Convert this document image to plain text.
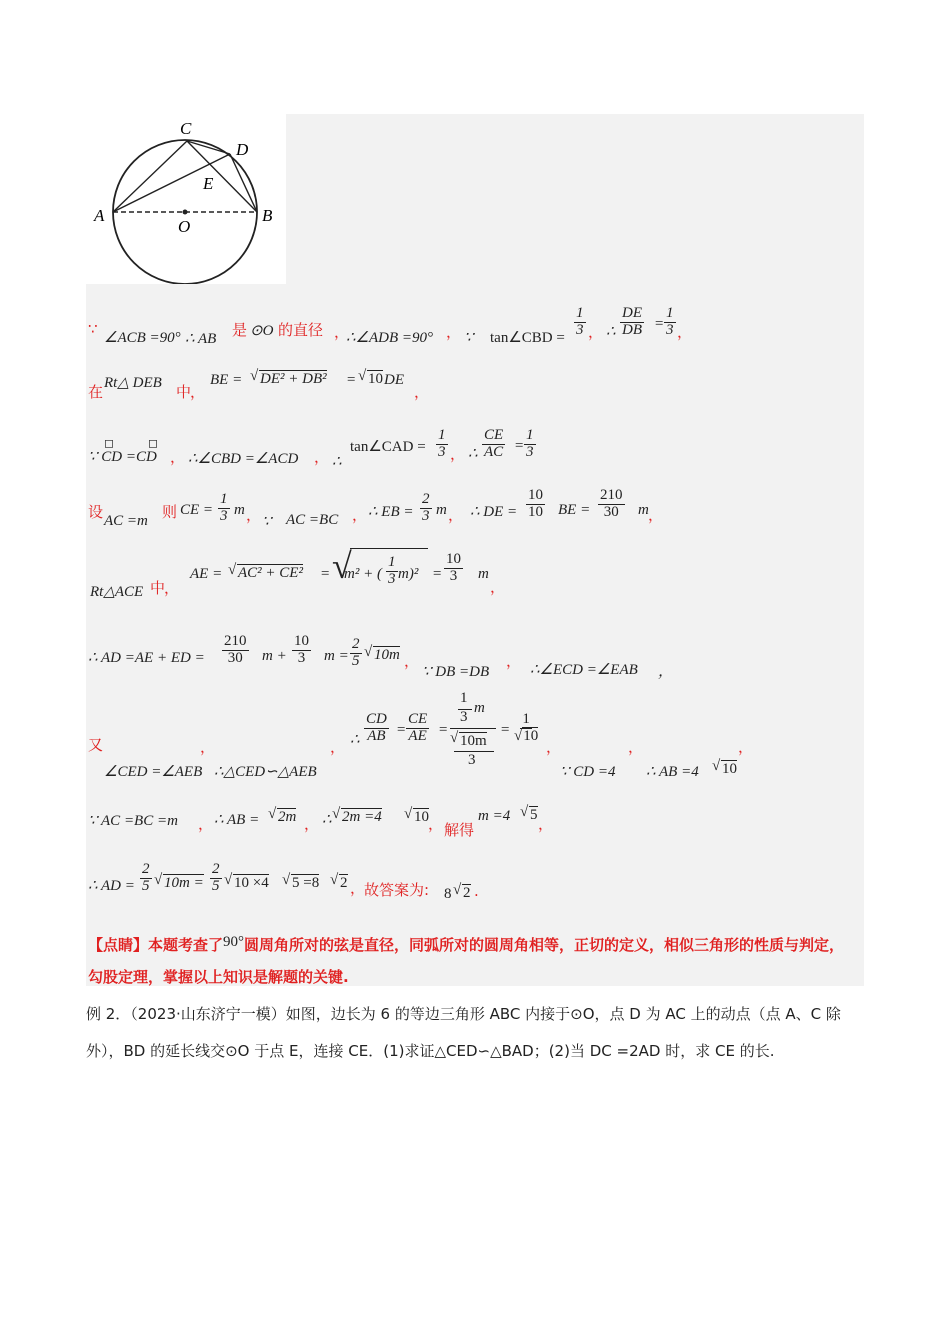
C
D
E
A
O
B
∵ ∠ACB =90° ∴ AB 是 ⊙O 的直径 ，
∴∠ADB =90° ， ∵ tan∠CBD = $\frac{1}{3}$ ， ∴ $\frac{DE}{DB} = \frac{1}{3}$ ，
在 Rt△ DEB 中
，
BE = √ DE² + DB² = √ 10 DE
，
∵ CD =CD
◻	◻
， ∴∠CBD =∠ACD ， ∴
tan∠CAD = $\frac{1}{3}$ ， ∴ $\frac{CE}{AC} = \frac{1}{3}$
设 AC =m 则 CE = $\frac{1}{3}$ m ， ∵ AC =BC ， ∴ EB = $\frac{2}{3}$ m ， ∴ DE = $\frac{10}{10}$ BE = $\frac{210}{30}$ m ，
Rt△ACE 中
，
AE = √ AC² + CE² = √
m² + ( $\frac{1}{3} m)^2 = \frac{10}{3}$ m
，
∴ AD =AE + ED = $\frac{210}{30}$ $m + \frac{10}{3}$ $m = \frac{2}{5}$ √ 10m ，
∵ DB =DB
， ∴∠ECD =∠EAB ，
又	，
∠CED =∠AEB ∴△CED∽△AEB
， ∴ $\frac{CD}{AB} = \frac{CE}{AE}$ =
1
3
m
√ 10m
3
= $\frac{1}{√10}$
，
∵ CD =4
，
∴ AB =4 √ 10
，
∵ AC =BC =m ， ∴ AB = √ 2m ， ∴ √ 2m =4 √ 10 ， 解得
m =4 √ 5 ，
∴ AD = $\frac{2}{5}$ √ $10m = \frac{2}{5}$ √ 10 ×4 √ 5 =8 √ 2 ，
故答案为: 8 √ 2 .
【点睛】本题考查了90°圆周角所对的弦是直径，同弧所对的圆周角相等，正切的定义，相似三角形的性质与判定，勾股定理，掌握以上知识是解题的关键.
例 2．（2023·山东济宁一模）如图，边长为 6 的等边三角形 ABC 内接于⊙O，点 D 为 AC 上的动点（点 A、C 除外），BD 的延长线交⊙O 于点 E，连接 CE．(1)求证△CED∽△BAD；(2)当 DC =2AD 时，求 CE 的长.
